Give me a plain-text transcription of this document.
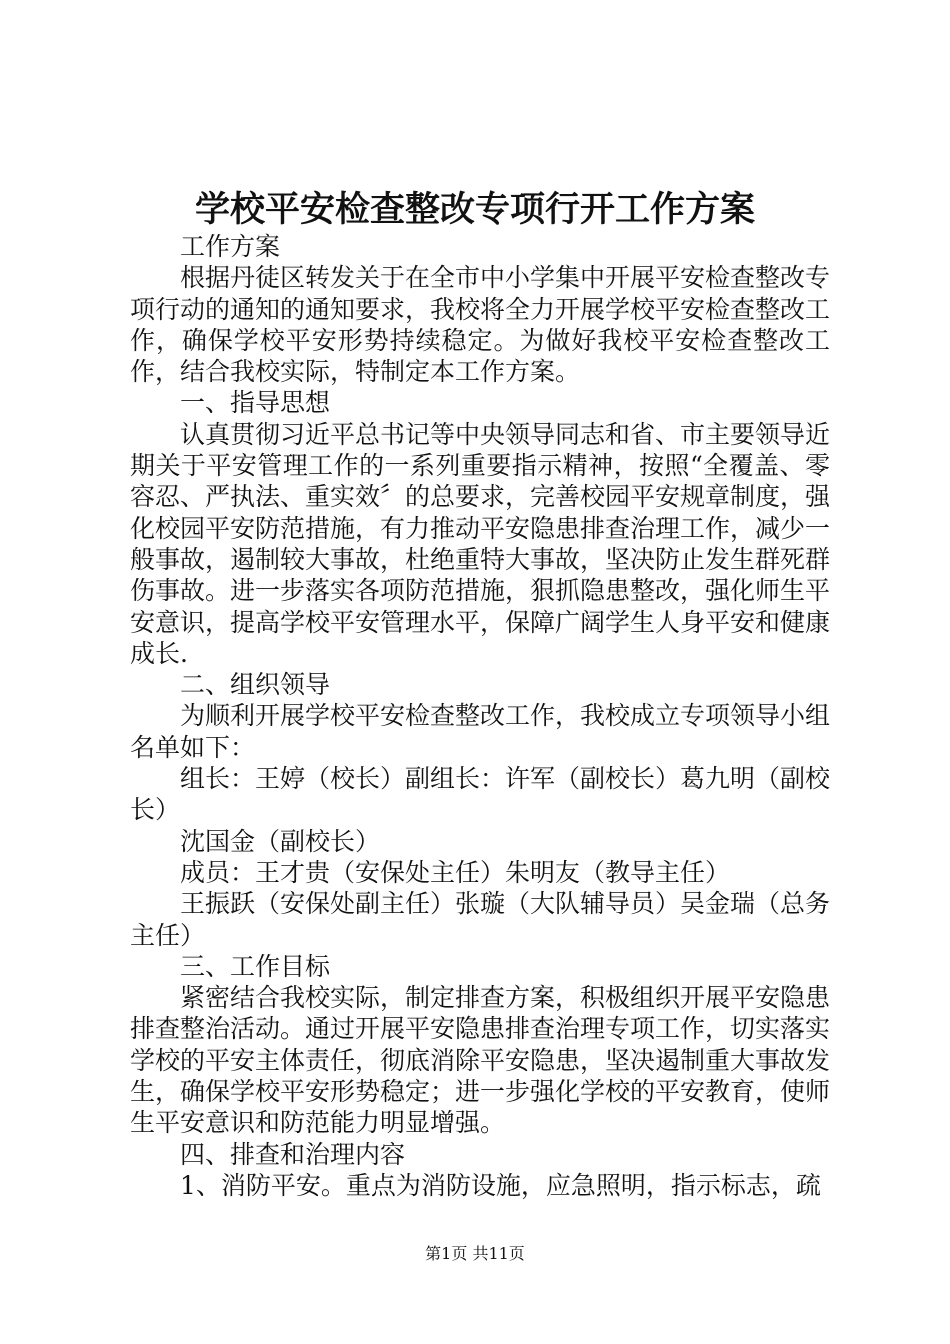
学校平安检查整改专项行开工作方案

工作方案

根据丹徒区转发关于在全市中小学集中开展平安检查整改专项行动的通知的通知要求，我校将全力开展学校平安检查整改工作，确保学校平安形势持续稳定。为做好我校平安检查整改工作，结合我校实际，特制定本工作方案。

一、指导思想

认真贯彻习近平总书记等中央领导同志和省、市主要领导近期关于平安管理工作的一系列重要指示精神，按照“全覆盖、零容忍、严执法、重实效〞的总要求，完善校园平安规章制度，强化校园平安防范措施，有力推动平安隐患排查治理工作，减少一般事故，遏制较大事故，杜绝重特大事故，坚决防止发生群死群伤事故。进一步落实各项防范措施，狠抓隐患整改，强化师生平安意识，提高学校平安管理水平，保障广阔学生人身平安和健康成长.

二、组织领导

为顺利开展学校平安检查整改工作，我校成立专项领导小组名单如下：

组长：王婷（校长）副组长：许军（副校长）葛九明（副校长）

沈国金（副校长）

成员：王才贵（安保处主任）朱明友（教导主任）

王振跃（安保处副主任）张璇（大队辅导员）吴金瑞（总务主任）

三、工作目标

紧密结合我校实际，制定排查方案，积极组织开展平安隐患排查整治活动。通过开展平安隐患排查治理专项工作，切实落实学校的平安主体责任，彻底消除平安隐患，坚决遏制重大事故发生，确保学校平安形势稳定；进一步强化学校的平安教育，使师生平安意识和防范能力明显增强。

四、排查和治理内容

1、消防平安。重点为消防设施，应急照明，指示标志，疏

第1页 共11页
